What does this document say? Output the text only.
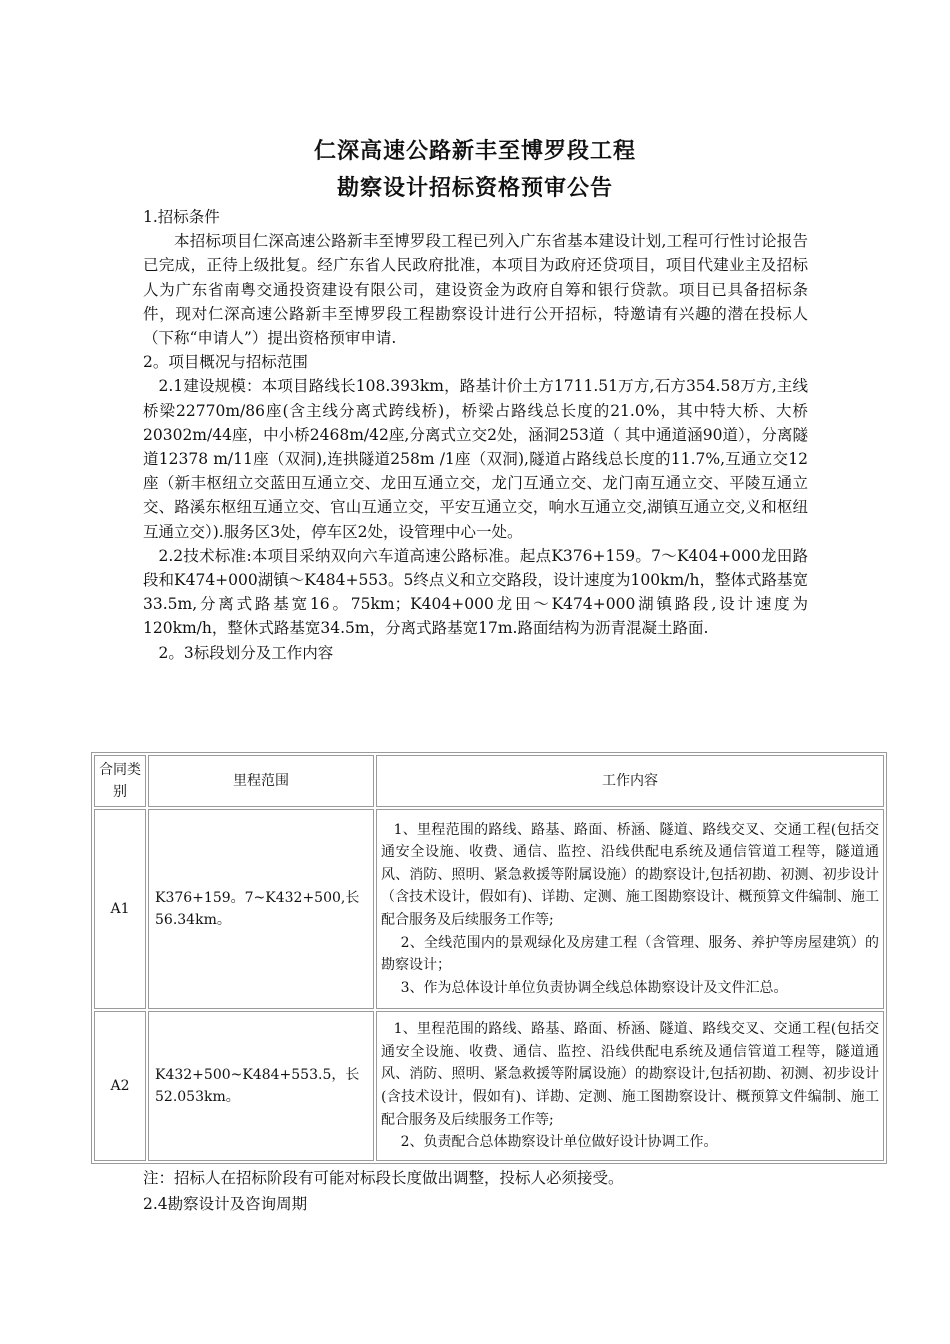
仁深高速公路新丰至博罗段工程
勘察设计招标资格预审公告

1.招标条件

本招标项目仁深高速公路新丰至博罗段工程已列入广东省基本建设计划,工程可行性讨论报告已完成，正待上级批复。经广东省人民政府批准，本项目为政府还贷项目，项目代建业主及招标人为广东省南粤交通投资建设有限公司，建设资金为政府自筹和银行贷款。项目已具备招标条件，现对仁深高速公路新丰至博罗段工程勘察设计进行公开招标，特邀请有兴趣的潜在投标人（下称“申请人”）提出资格预审申请.

2。项目概况与招标范围

2.1建设规模：本项目路线长108.393km，路基计价土方1711.51万方,石方354.58万方,主线桥梁22770m/86座(含主线分离式跨线桥)，桥梁占路线总长度的21.0%，其中特大桥、大桥20302m/44座，中小桥2468m/42座,分离式立交2处，涵洞253道（ 其中通道涵90道），分离隧道12378 m/11座（双洞),连拱隧道258m /1座（双洞),隧道占路线总长度的11.7%,互通立交12座（新丰枢纽立交蓝田互通立交、龙田互通立交，龙门互通立交、龙门南互通立交、平陵互通立交、路溪东枢纽互通立交、官山互通立交，平安互通立交，响水互通立交,湖镇互通立交,义和枢纽互通立交）).服务区3处，停车区2处，设管理中心一处。

2.2技术标准:本项目采纳双向六车道高速公路标准。起点K376+159。7～K404+000龙田路段和K474+000湖镇～K484+553。5终点义和立交路段，设计速度为100km/h，整体式路基宽33.5m,分离式路基宽16。75km；K404+000龙田～K474+000湖镇路段,设计速度为120km/h，整休式路基宽34.5m，分离式路基宽17m.路面结构为沥青混凝土路面.

2。3标段划分及工作内容

合同类别	里程范围	工作内容
A1	K376+159。7~K432+500,长56.34km。	1、里程范围的路线、路基、路面、桥涵、隧道、路线交叉、交通工程(包括交通安全设施、收费、通信、监控、沿线供配电系统及通信管道工程等，隧道通风、消防、照明、紧急救援等附属设施）的勘察设计,包括初勘、初测、初步设计（含技术设计，假如有)、详勘、定测、施工图勘察设计、概预算文件编制、施工配合服务及后续服务工作等;

2、全线范围内的景观绿化及房建工程（含管理、服务、养护等房屋建筑）的勘察设计；

3、作为总体设计单位负责协调全线总体勘察设计及文件汇总。

A2	K432+500~K484+553.5，长52.053km。	1、里程范围的路线、路基、路面、桥涵、隧道、路线交叉、交通工程(包括交通安全设施、收费、通信、监控、沿线供配电系统及通信管道工程等，隧道通风、消防、照明、紧急救援等附属设施）的勘察设计,包括初勘、初测、初步设计(含技术设计，假如有)、详勘、定测、施工图勘察设计、概预算文件编制、施工配合服务及后续服务工作等;

2、负责配合总体勘察设计单位做好设计协调工作。

注：招标人在招标阶段有可能对标段长度做出调整，投标人必须接受。

2.4勘察设计及咨询周期
